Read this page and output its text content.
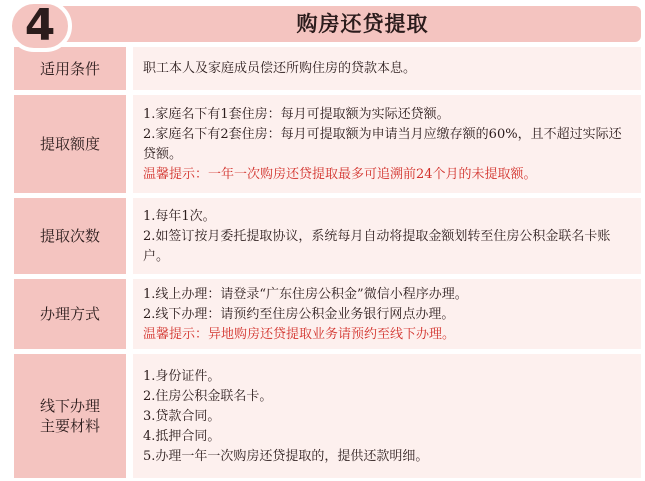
4	购房还贷提取
适用条件	职工本人及家庭成员偿还所购住房的贷款本息。
提取额度
1.家庭名下有1套住房：每月可提取额为实际还贷额。
2.家庭名下有2套住房：每月可提取额为申请当月应缴存额的60%，且不超过实际还贷额。
温馨提示：一年一次购房还贷提取最多可追溯前24个月的未提取额。
提取次数
1.每年1次。
2.如签订按月委托提取协议，系统每月自动将提取金额划转至住房公积金联名卡账户。
办理方式
1.线上办理：请登录“广东住房公积金”微信小程序办理。
2.线下办理：请预约至住房公积金业务银行网点办理。
温馨提示：异地购房还贷提取业务请预约至线下办理。
线下办理
主要材料
1.身份证件。
2.住房公积金联名卡。
3.贷款合同。
4.抵押合同。
5.办理一年一次购房还贷提取的，提供还款明细。
